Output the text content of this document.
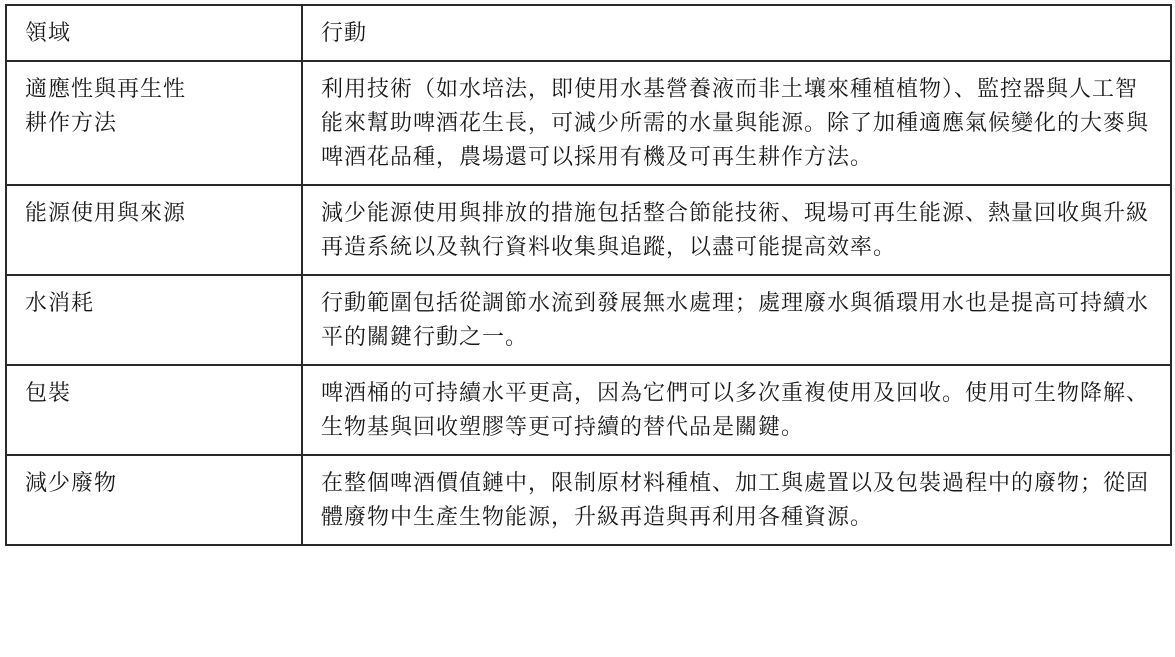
領域	行動
適應性與再生性
耕作方法	利用技術（如水培法，即使用水基營養液而非土壤來種植植物）、監控器與人工智能來幫助啤酒花生長，可減少所需的水量與能源。除了加種適應氣候變化的大麥與啤酒花品種，農場還可以採用有機及可再生耕作方法。
能源使用與來源	減少能源使用與排放的措施包括整合節能技術、現場可再生能源、熱量回收與升級再造系統以及執行資料收集與追蹤，以盡可能提高效率。
水消耗	行動範圍包括從調節水流到發展無水處理；處理廢水與循環用水也是提高可持續水平的關鍵行動之一。
包裝	啤酒桶的可持續水平更高，因為它們可以多次重複使用及回收。使用可生物降解、生物基與回收塑膠等更可持續的替代品是關鍵。
減少廢物	在整個啤酒價值鏈中，限制原材料種植、加工與處置以及包裝過程中的廢物；從固體廢物中生產生物能源，升級再造與再利用各種資源。
